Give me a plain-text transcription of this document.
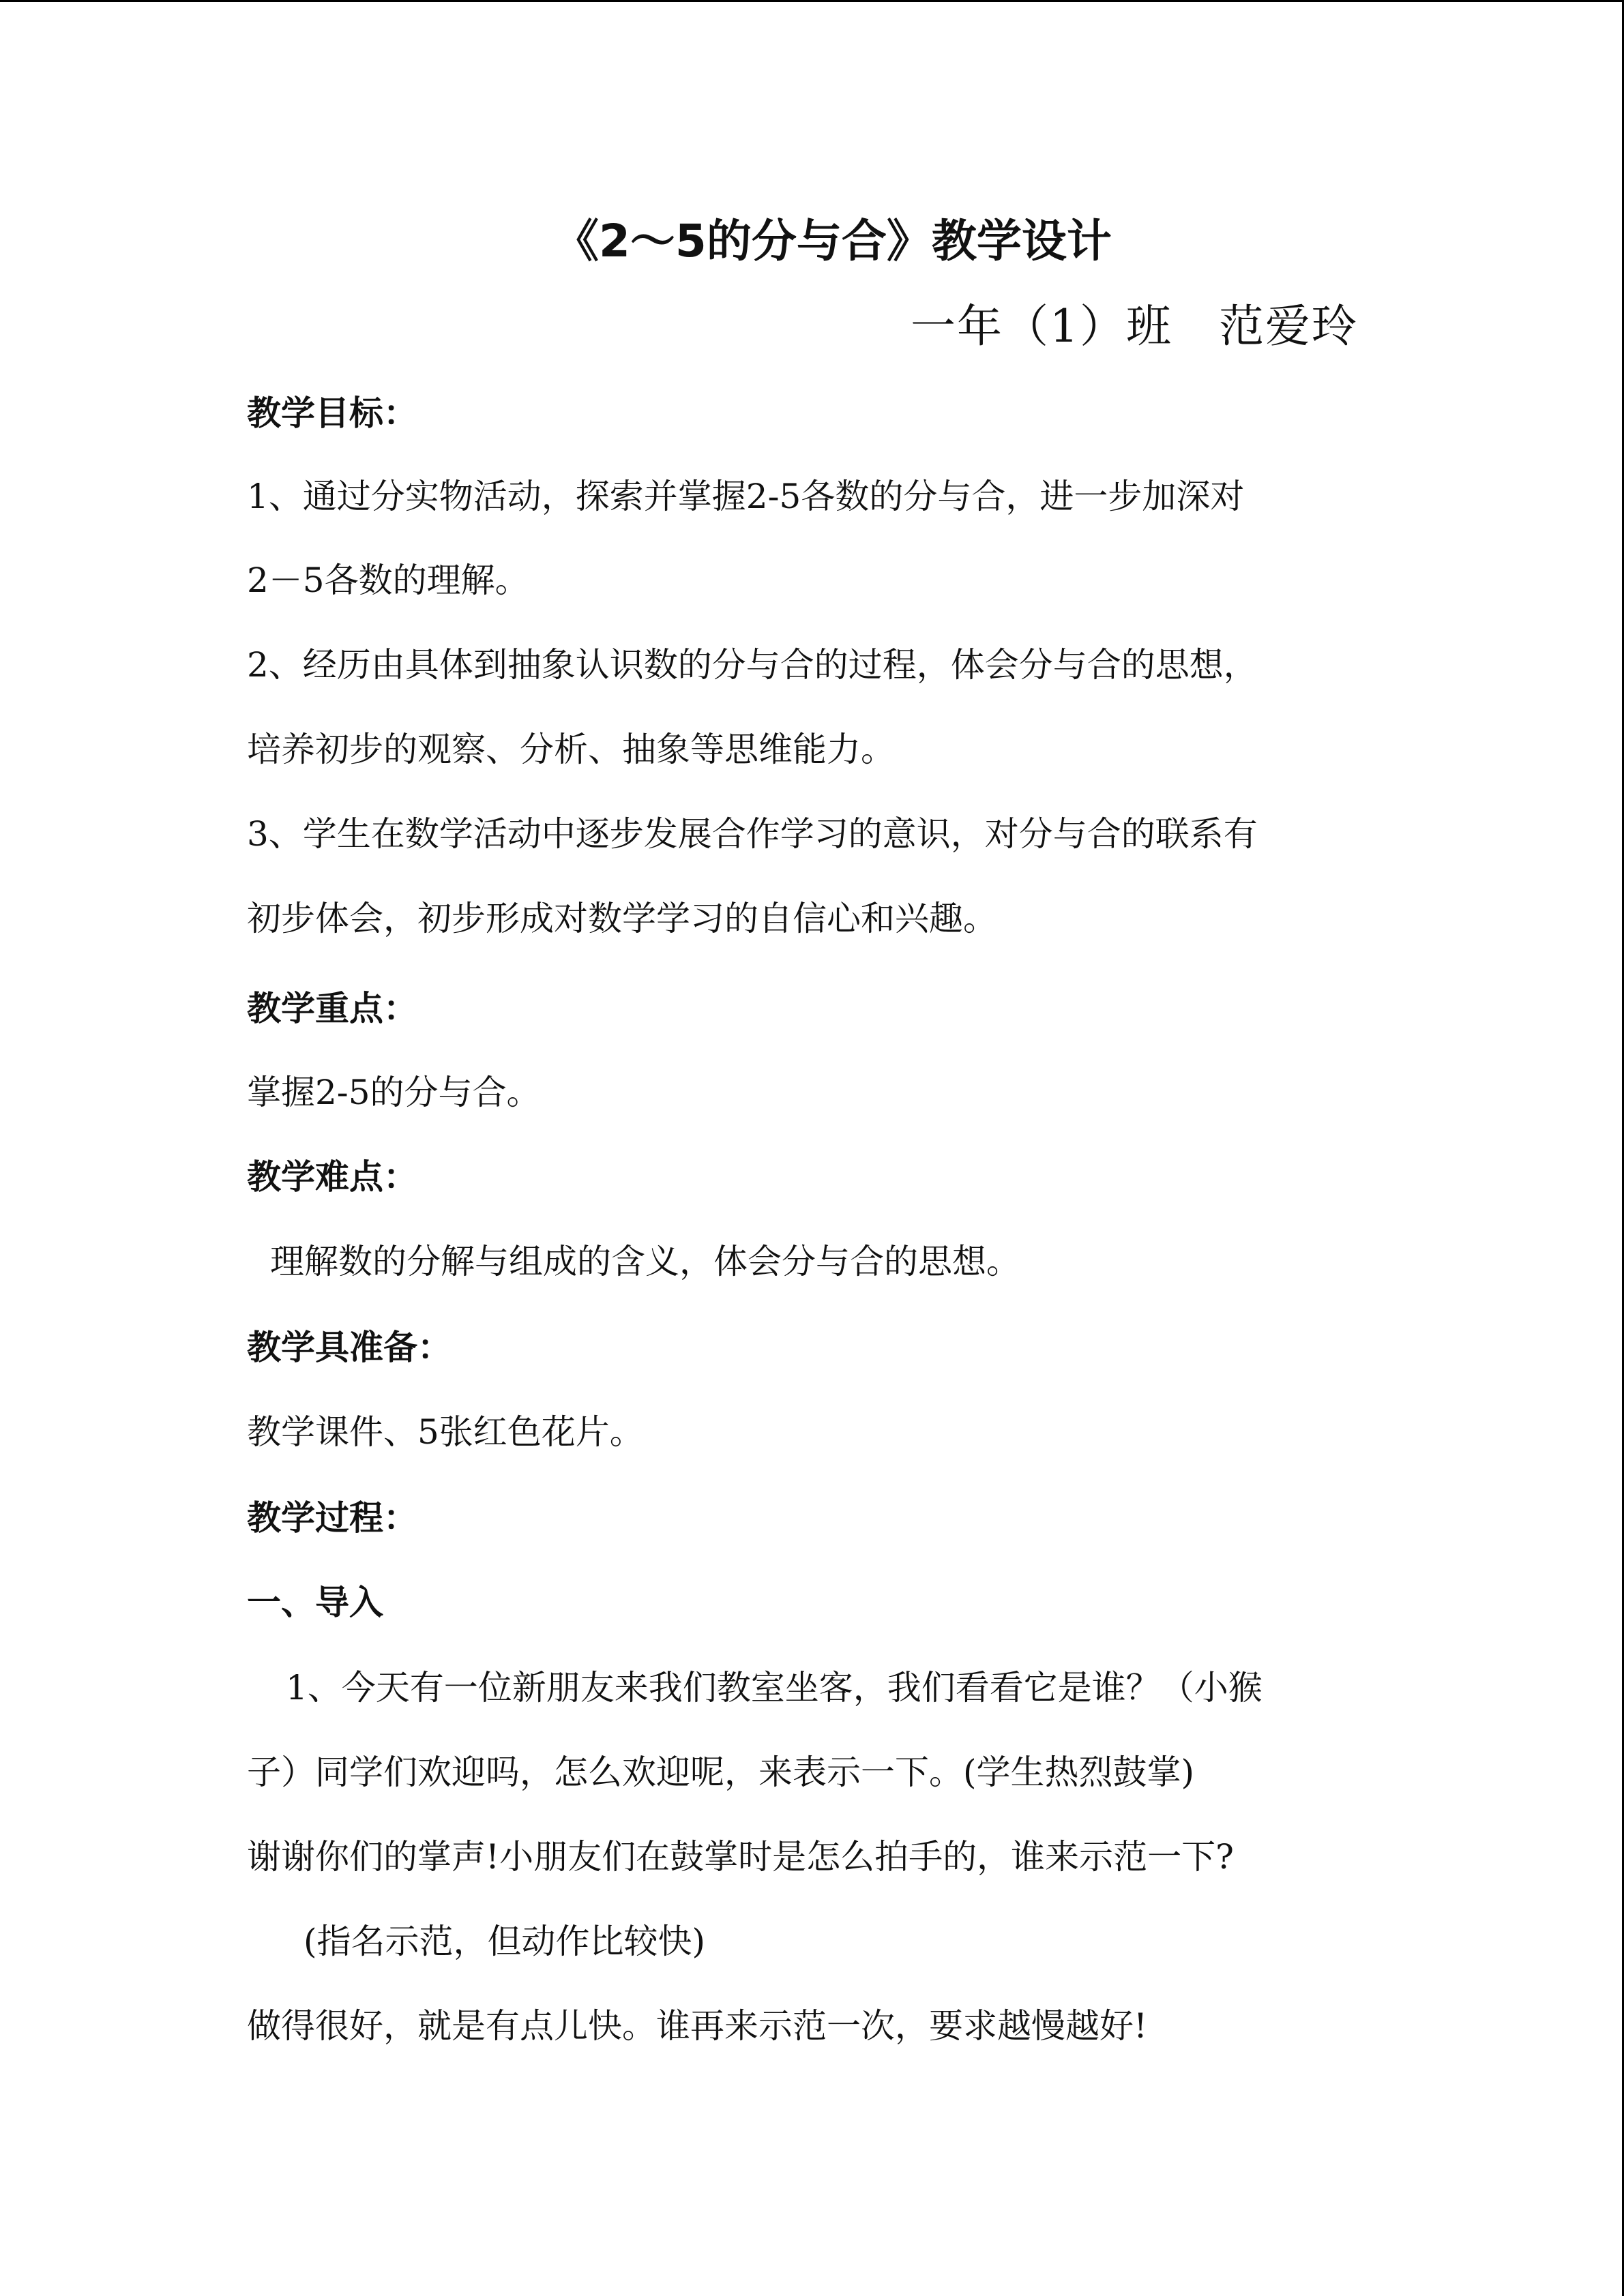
《2～5的分与合》教学设计
一年（1）班　范爱玲
教学目标：
1、通过分实物活动，探索并掌握2-5各数的分与合，进一步加深对
2－5各数的理解。
2、经历由具体到抽象认识数的分与合的过程，体会分与合的思想，
培养初步的观察、分析、抽象等思维能力。
3、学生在数学活动中逐步发展合作学习的意识，对分与合的联系有
初步体会，初步形成对数学学习的自信心和兴趣。
教学重点：
掌握2-5的分与合。
教学难点：
理解数的分解与组成的含义，体会分与合的思想。
教学具准备：
教学课件、5张红色花片。
教学过程：
一、导入
1、今天有一位新朋友来我们教室坐客，我们看看它是谁？（小猴
子）同学们欢迎吗，怎么欢迎呢，来表示一下。(学生热烈鼓掌)
谢谢你们的掌声!小朋友们在鼓掌时是怎么拍手的，谁来示范一下?
(指名示范，但动作比较快)
做得很好，就是有点儿快。谁再来示范一次，要求越慢越好!
